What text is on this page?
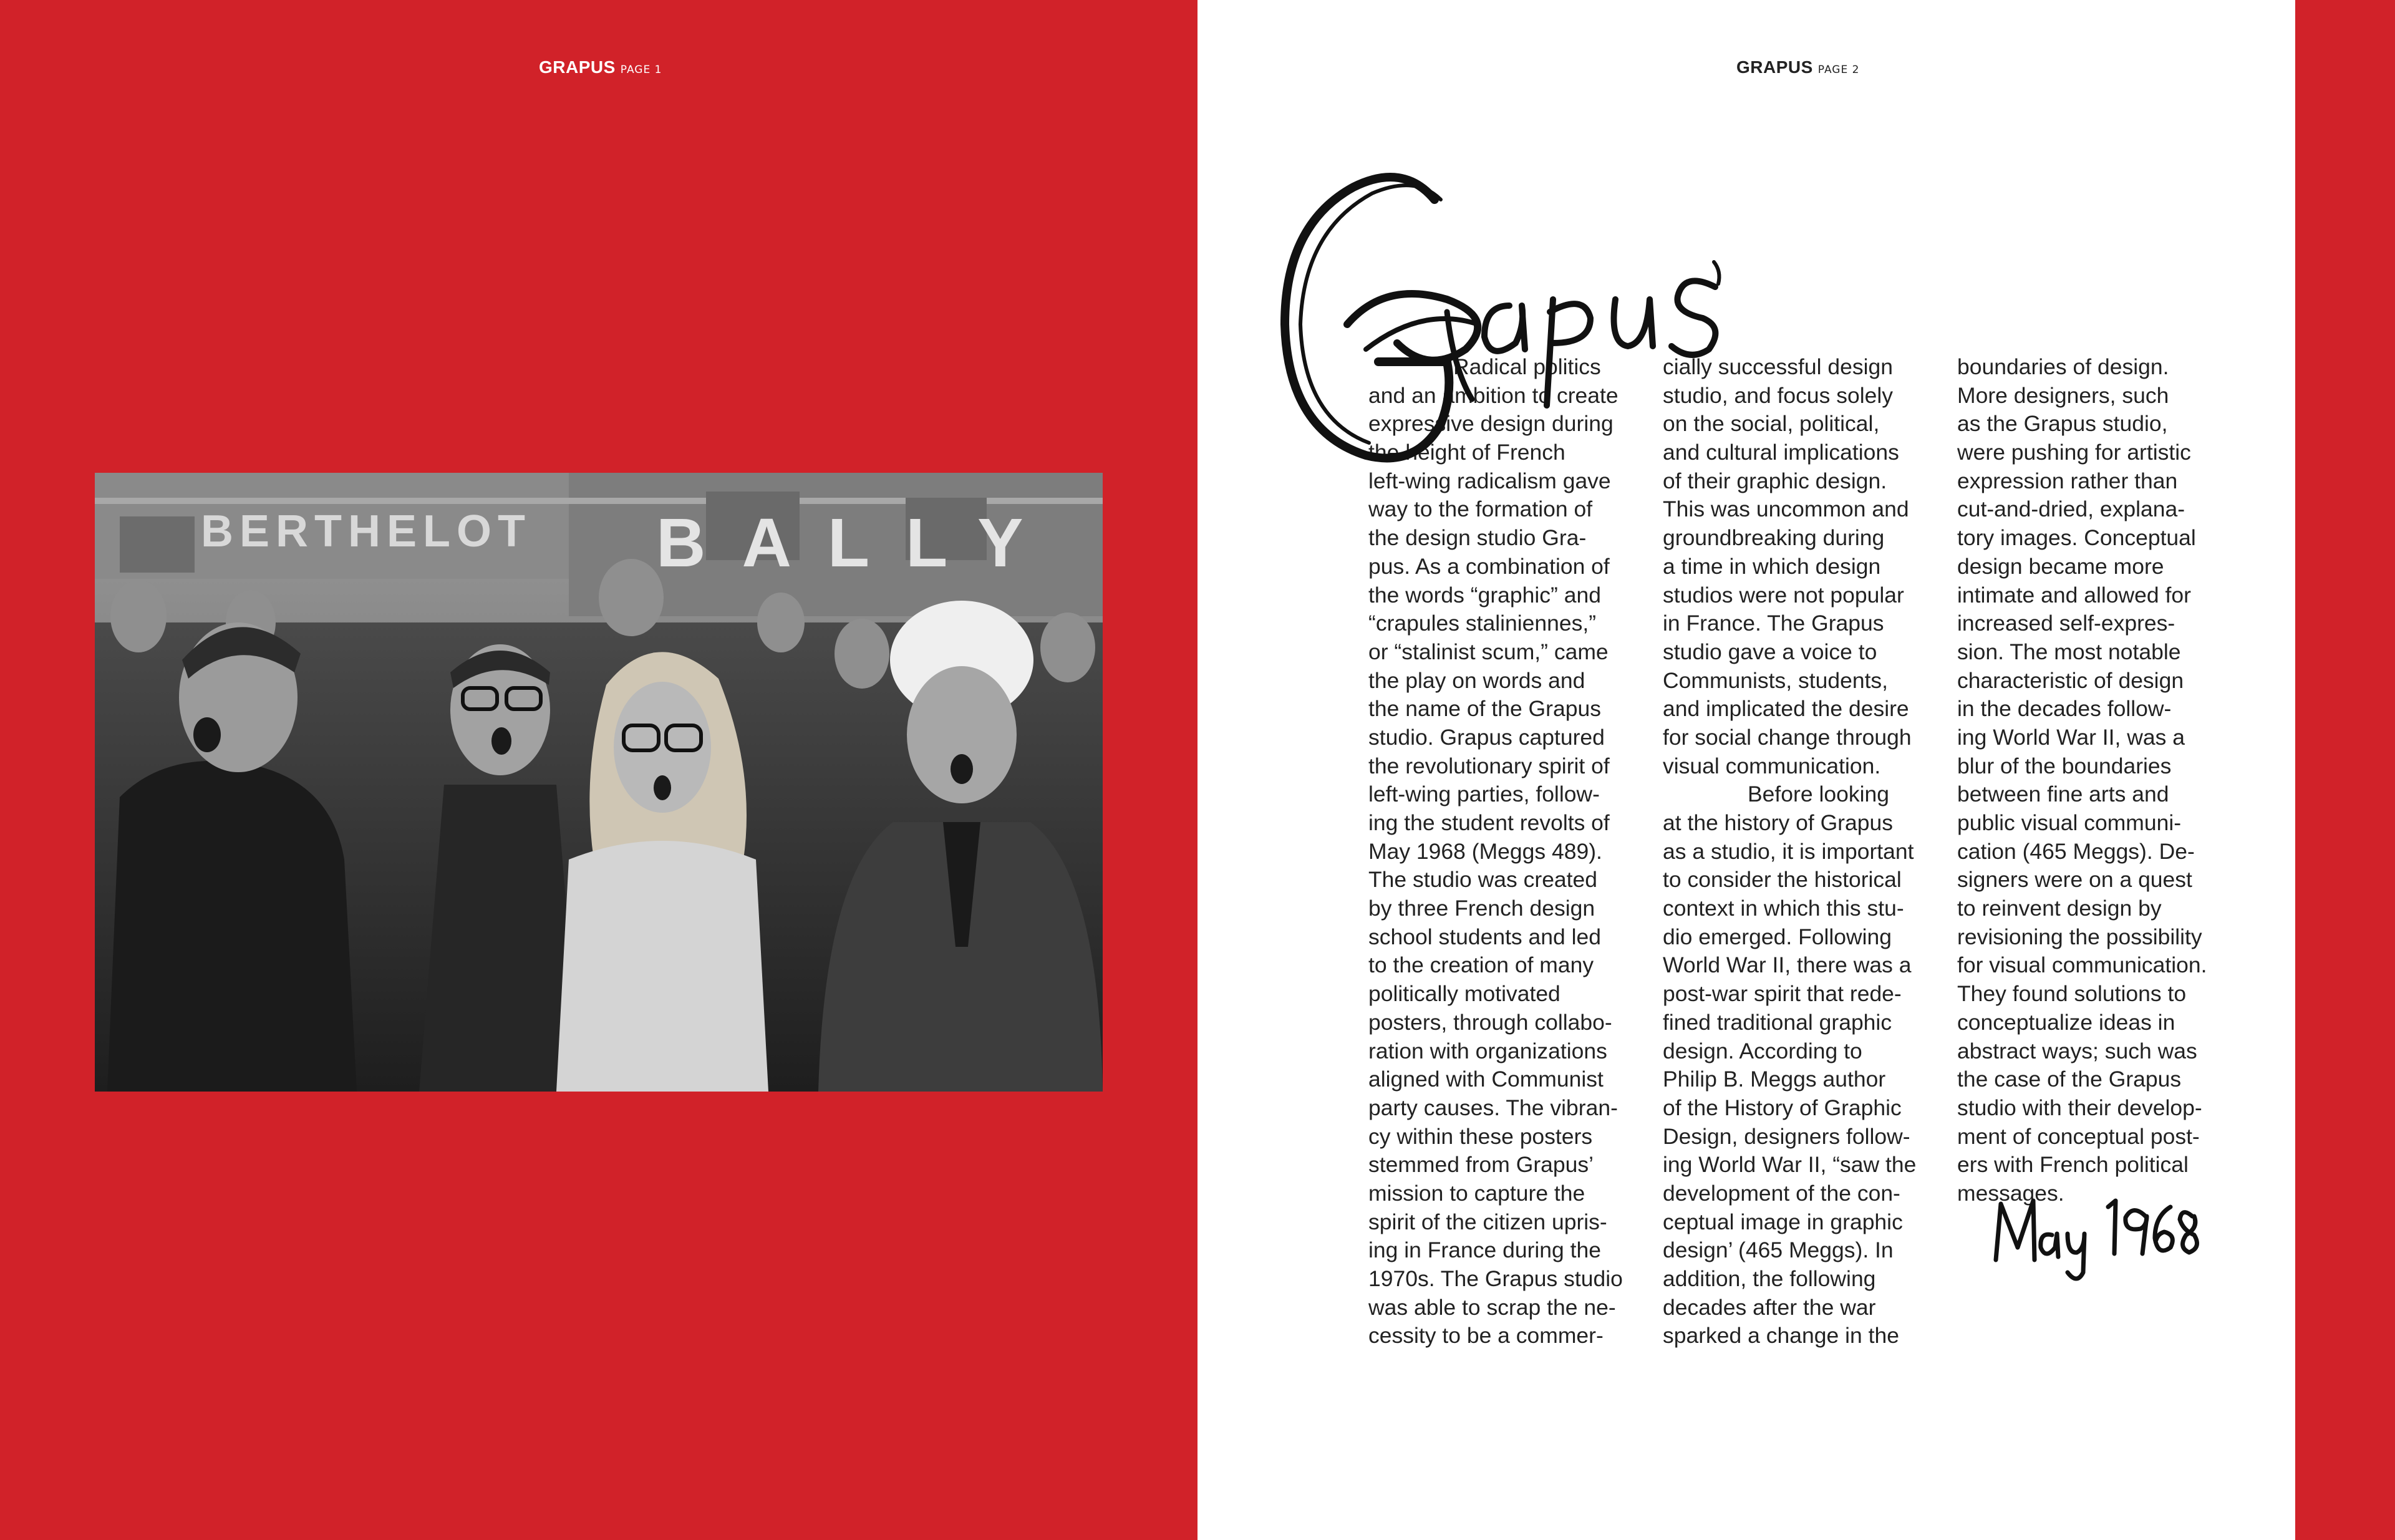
GRAPUS PAGE 1
BERTHELOT BALLY
GRAPUS PAGE 2
Radical politics
and an ambition to create
expressive design during
the height of French
left-wing radicalism gave
way to the formation of
the design studio Gra-
pus. As a combination of
the words “graphic” and
“crapules staliniennes,”
or “stalinist scum,” came
the play on words and
the name of the Grapus
studio. Grapus captured
the revolutionary spirit of
left-wing parties, follow-
ing the student revolts of
May 1968 (Meggs 489).
The studio was created
by three French design
school students and led
to the creation of many
politically motivated
posters, through collabo-
ration with organizations
aligned with Communist
party causes. The vibran-
cy within these posters
stemmed from Grapus’
mission to capture the
spirit of the citizen upris-
ing in France during the
1970s. The Grapus studio
was able to scrap the ne-
cessity to be a commer-
cially successful design
studio, and focus solely
on the social, political,
and cultural implications
of their graphic design.
This was uncommon and
groundbreaking during
a time in which design
studios were not popular
in France. The Grapus
studio gave a voice to
Communists, students,
and implicated the desire
for social change through
visual communication.
Before looking
at the history of Grapus
as a studio, it is important
to consider the historical
context in which this stu-
dio emerged. Following
World War II, there was a
post-war spirit that rede-
fined traditional graphic
design. According to
Philip B. Meggs author
of the History of Graphic
Design, designers follow-
ing World War II, “saw the
development of the con-
ceptual image in graphic
design’ (465 Meggs). In
addition, the following
decades after the war
sparked a change in the
boundaries of design.
More designers, such
as the Grapus studio,
were pushing for artistic
expression rather than
cut-and-dried, explana-
tory images. Conceptual
design became more
intimate and allowed for
increased self-expres-
sion. The most notable
characteristic of design
in the decades follow-
ing World War II, was a
blur of the boundaries
between fine arts and
public visual communi-
cation (465 Meggs). De-
signers were on a quest
to reinvent design by
revisioning the possibility
for visual communication.
They found solutions to
conceptualize ideas in
abstract ways; such was
the case of the Grapus
studio with their develop-
ment of conceptual post-
ers with French political
messages.
